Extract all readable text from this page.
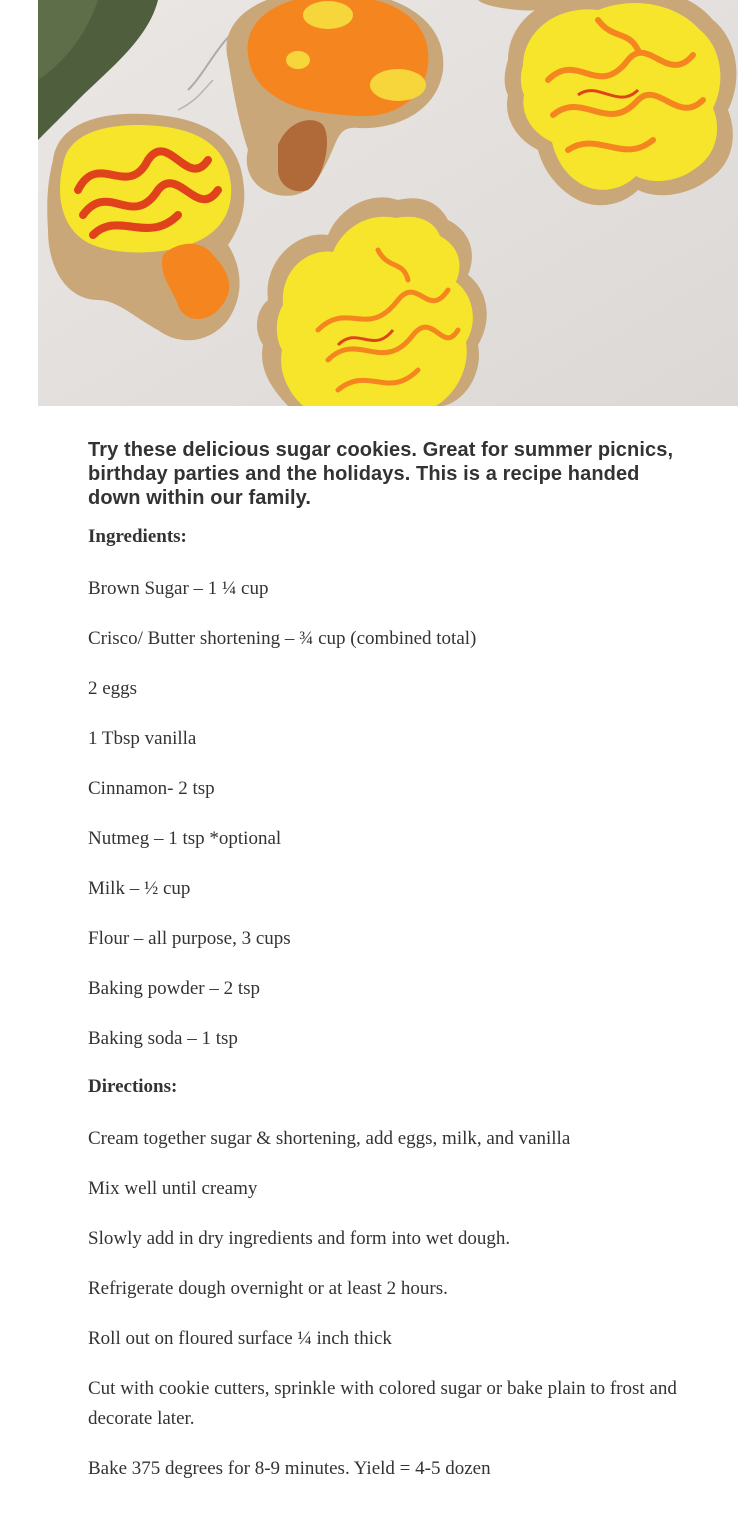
Try these delicious sugar cookies. Great for summer picnics, birthday parties and the holidays. This is a recipe handed down within our family.

Ingredients:

Brown Sugar – 1 ¼ cup

Crisco/ Butter shortening – ¾ cup (combined total)

2 eggs

1 Tbsp vanilla

Cinnamon- 2 tsp

Nutmeg – 1 tsp *optional

Milk – ½ cup

Flour – all purpose, 3 cups

Baking powder – 2 tsp

Baking soda – 1 tsp

Directions:

Cream together sugar & shortening, add eggs, milk, and vanilla

Mix well until creamy

Slowly add in dry ingredients and form into wet dough.

Refrigerate dough overnight or at least 2 hours.

Roll out on floured surface ¼ inch thick

Cut with cookie cutters, sprinkle with colored sugar or bake plain to frost and decorate later.

Bake 375 degrees for 8-9 minutes. Yield = 4-5 dozen
